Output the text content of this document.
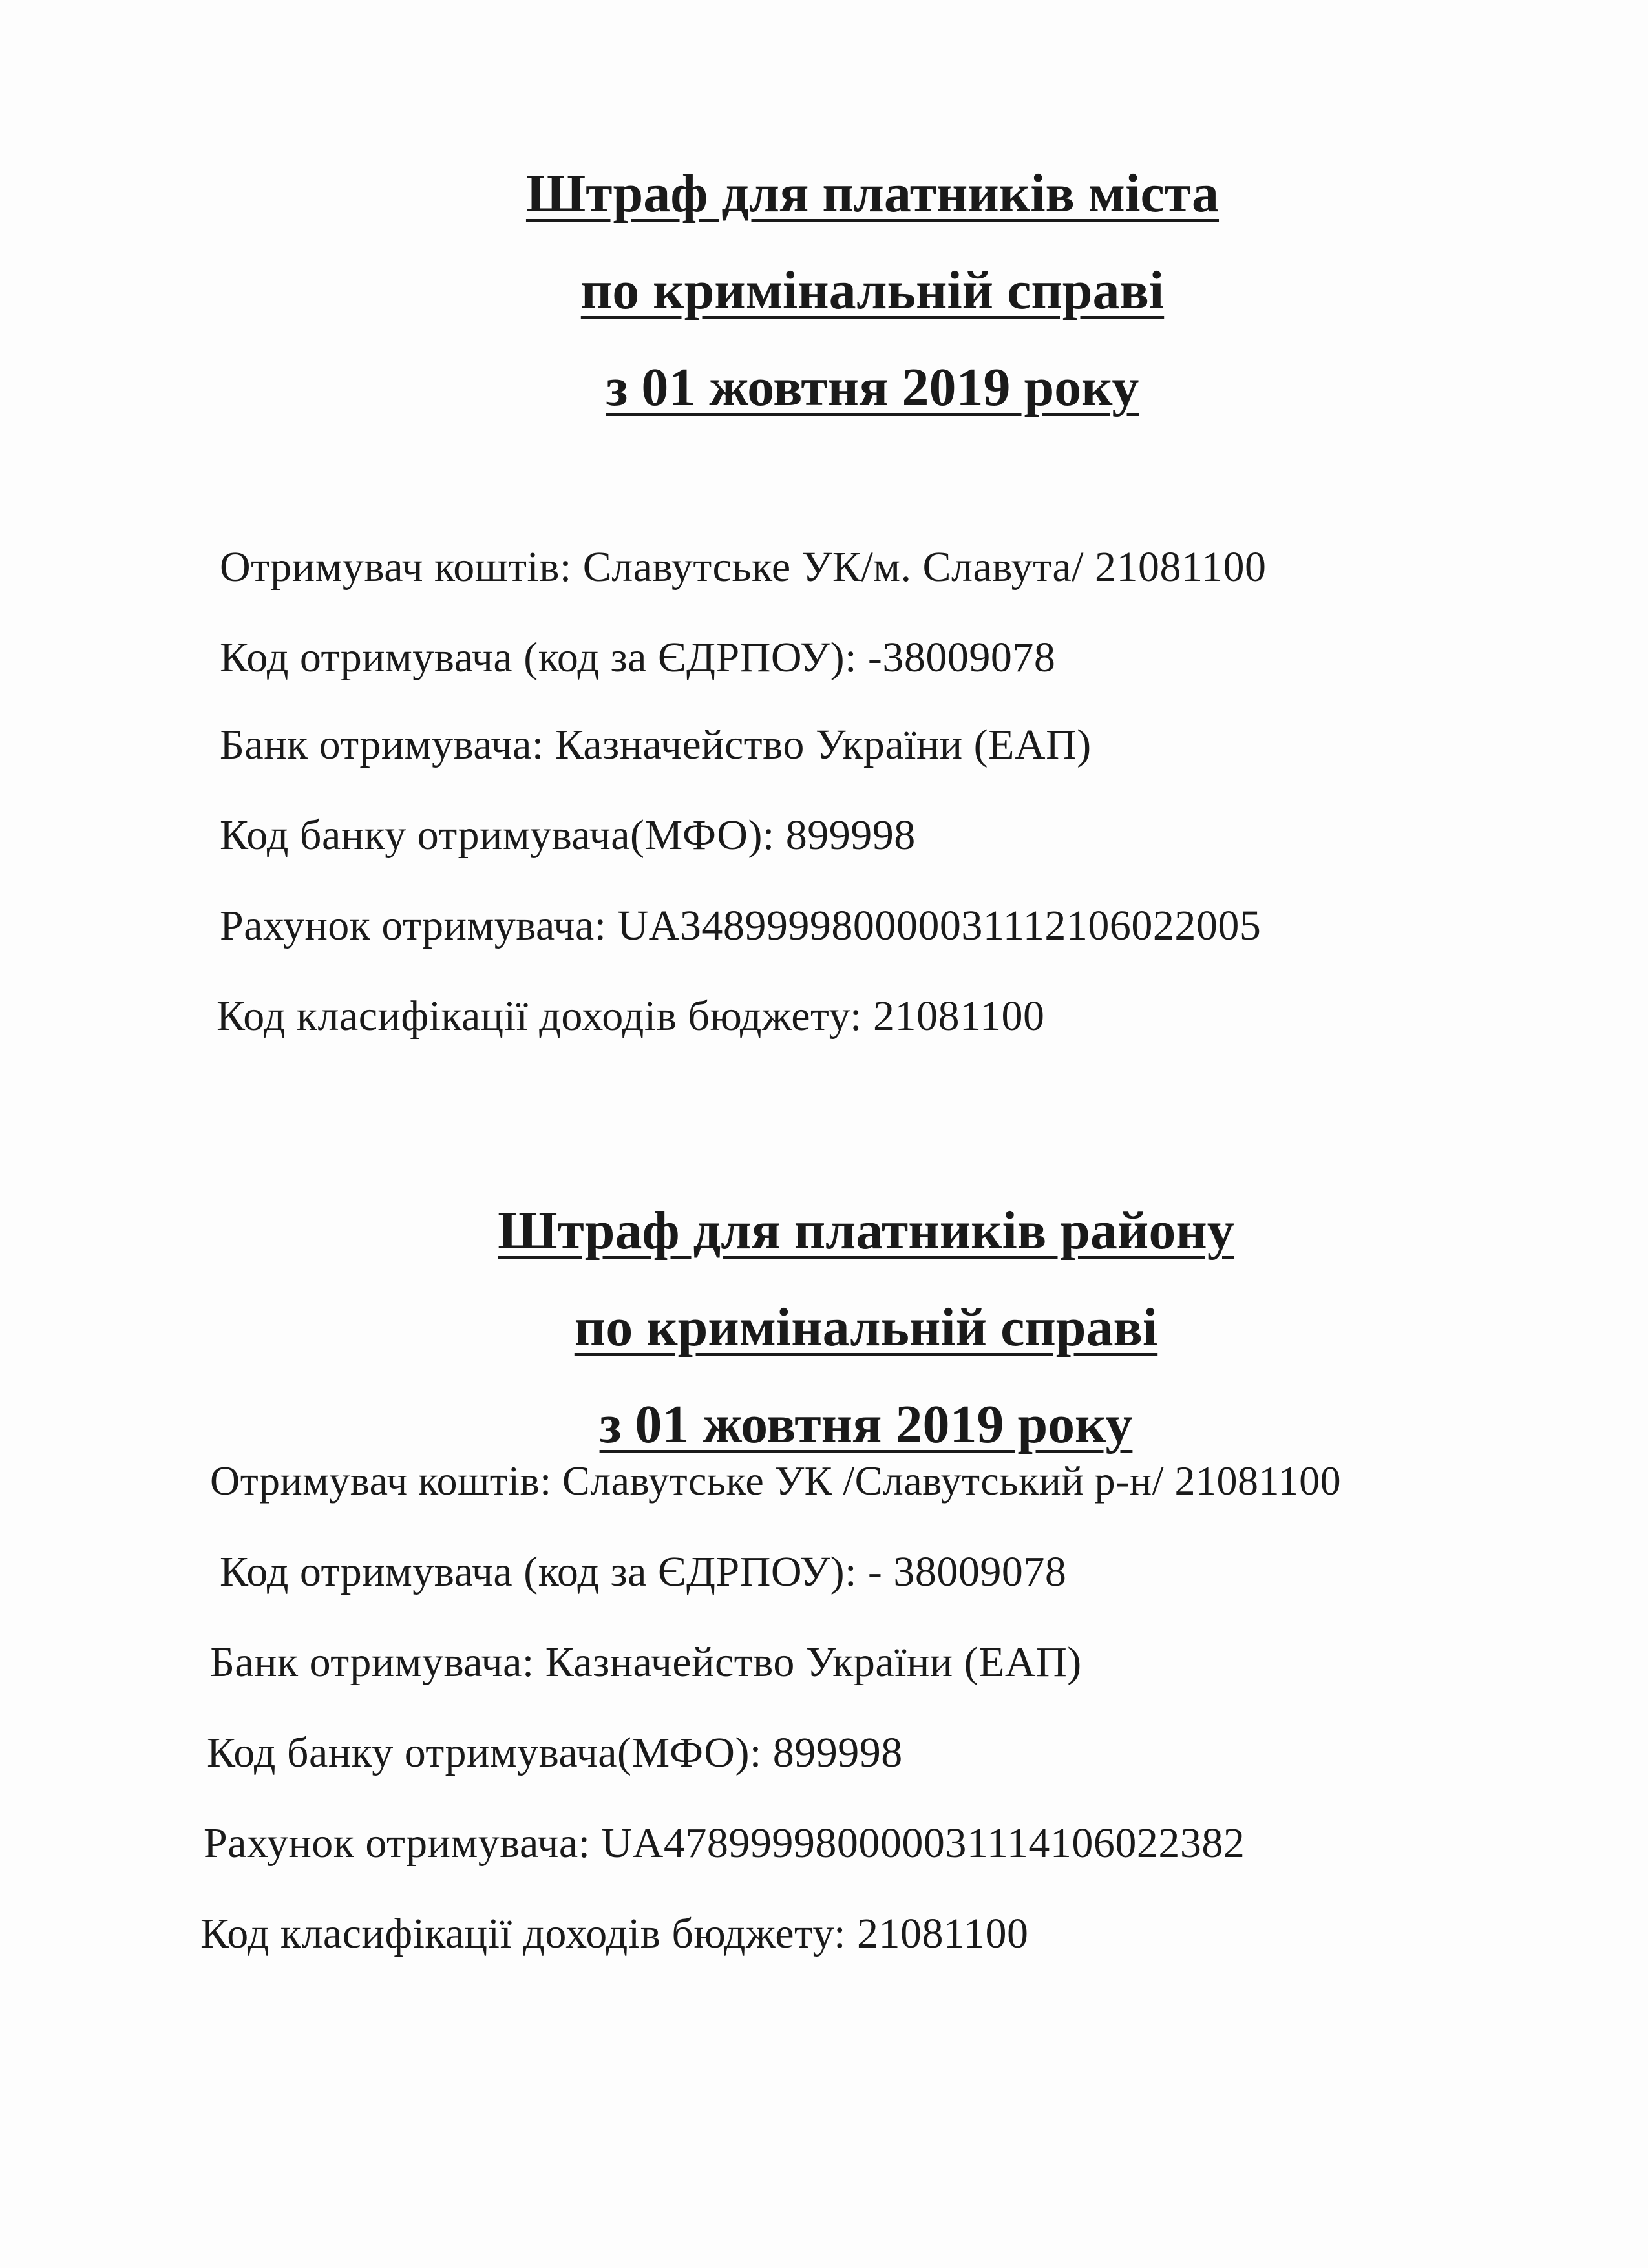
Штраф для платників міста
по кримінальній справі
з 01 жовтня 2019 року
Отримувач коштів: Славутське УК/м. Славута/ 21081100
Код отримувача (код за ЄДРПОУ): -38009078
Банк отримувача: Казначейство України (ЕАП)
Код банку отримувача(МФО): 899998
Рахунок отримувача: UA348999980000031112106022005
Код класифікації доходів бюджету: 21081100
Штраф для платників району
по кримінальній справі
з 01 жовтня 2019 року
Отримувач коштів: Славутське УК /Славутський р-н/ 21081100
Код отримувача (код за ЄДРПОУ): - 38009078
Банк отримувача: Казначейство України (ЕАП)
Код банку отримувача(МФО): 899998
Рахунок отримувача: UA478999980000031114106022382
Код класифікації доходів бюджету: 21081100
